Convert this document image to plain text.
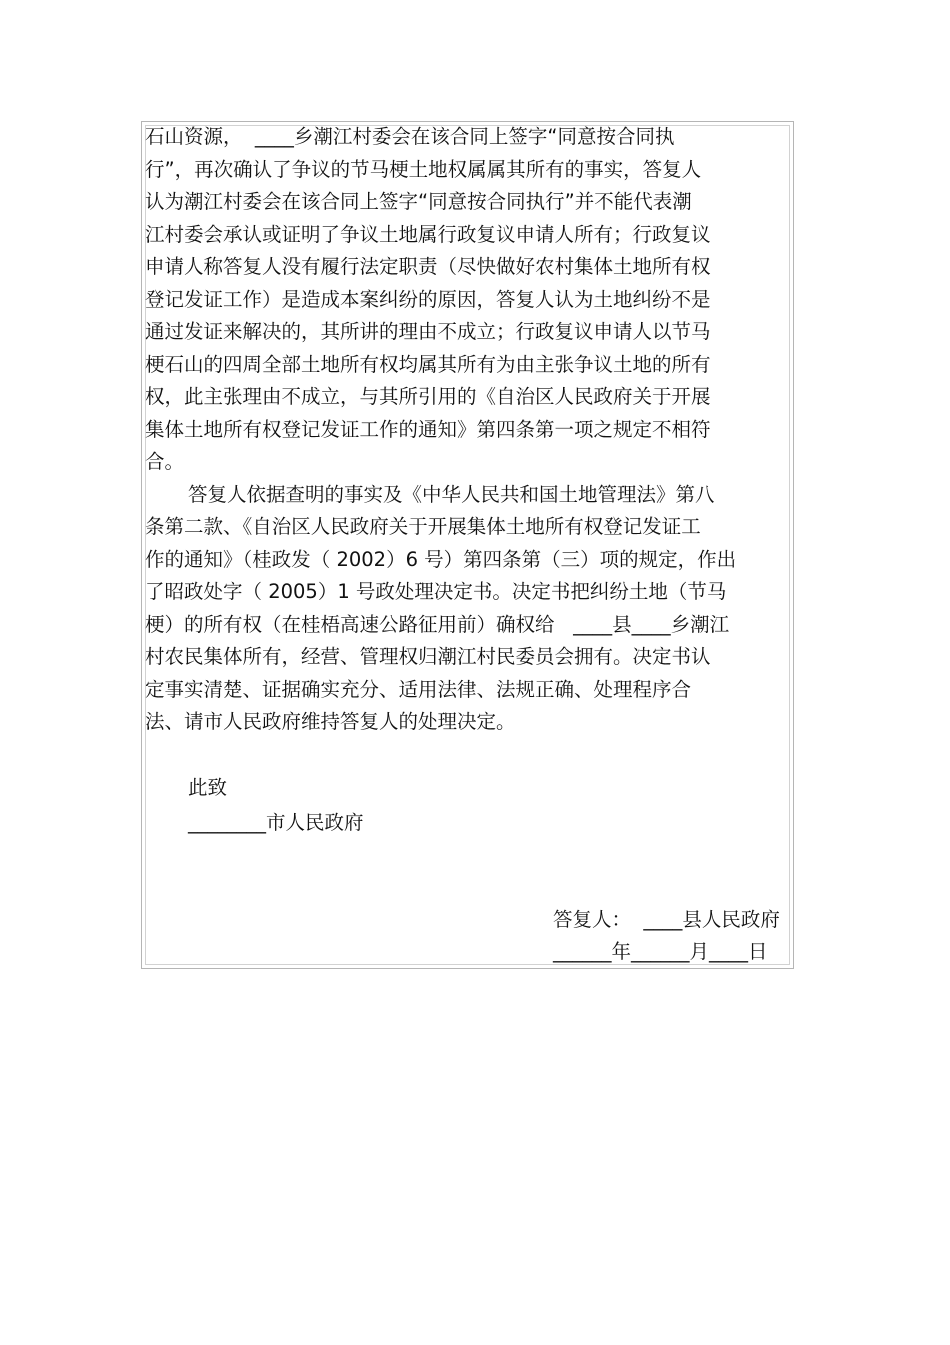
石山资源，  ____乡潮江村委会在该合同上签字“同意按合同执
行”，再次确认了争议的节马梗土地权属属其所有的事实，答复人
认为潮江村委会在该合同上签字“同意按合同执行”并不能代表潮
江村委会承认或证明了争议土地属行政复议申请人所有；行政复议
申请人称答复人没有履行法定职责（尽快做好农村集体土地所有权
登记发证工作）是造成本案纠纷的原因，答复人认为土地纠纷不是
通过发证来解决的，其所讲的理由不成立；行政复议申请人以节马
梗石山的四周全部土地所有权均属其所有为由主张争议土地的所有
权，此主张理由不成立，与其所引用的《自治区人民政府关于开展
集体土地所有权登记发证工作的通知》第四条第一项之规定不相符
合。
答复人依据查明的事实及《中华人民共和国土地管理法》第八
条第二款、《自治区人民政府关于开展集体土地所有权登记发证工
作的通知》（桂政发（ 2002）6 号）第四条第（三）项的规定，作出
了昭政处字（ 2005）1 号政处理决定书。决定书把纠纷土地（节马
梗）的所有权（在桂梧高速公路征用前）确权给   ____县____乡潮江
村农民集体所有，经营、管理权归潮江村民委员会拥有。决定书认
定事实清楚、证据确实充分、适用法律、法规正确、处理程序合
法、请市人民政府维持答复人的处理决定。
此致
________市人民政府
答复人：  ____县人民政府
______年______月____日
